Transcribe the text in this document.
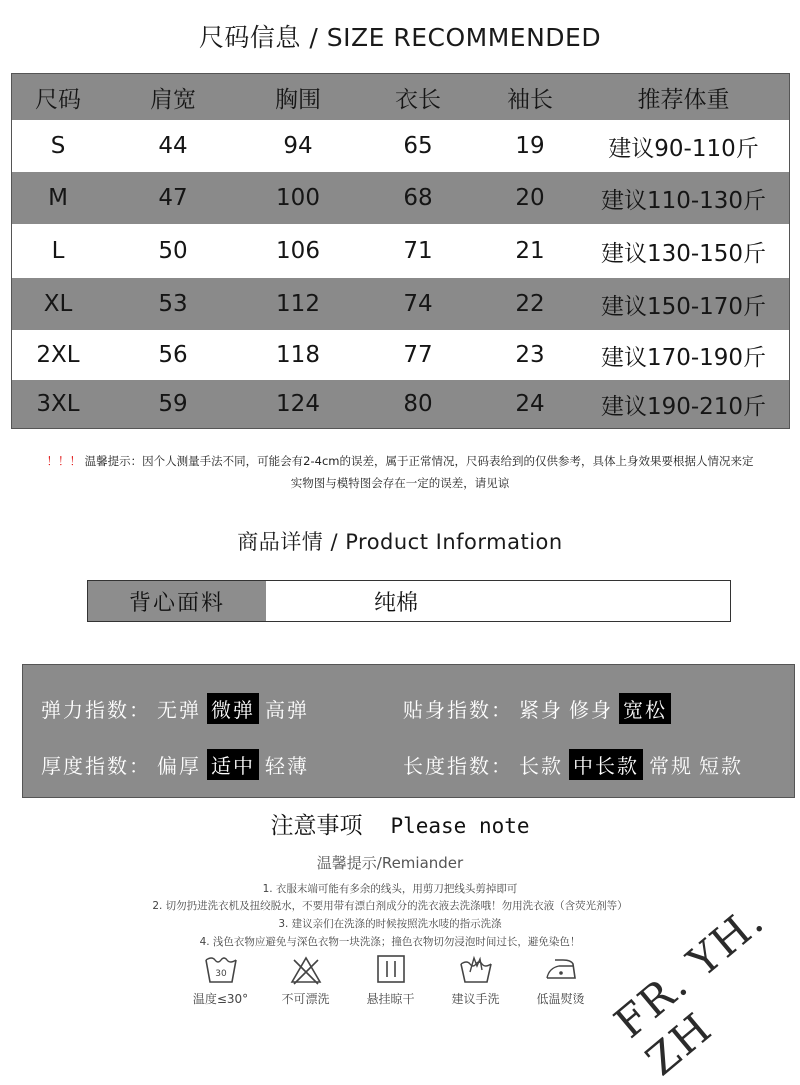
尺码信息 / SIZE RECOMMENDED
尺码	肩宽	胸围	衣长	袖长	推荐体重
S	44	94	65	19	建议90-110斤
M	47	100	68	20	建议110-130斤
L	50	106	71	21	建议130-150斤
XL	53	112	74	22	建议150-170斤
2XL	56	118	77	23	建议170-190斤
3XL	59	124	80	24	建议190-210斤
！！！ 温馨提示：因个人测量手法不同，可能会有2-4cm的误差，属于正常情况，尺码表给到的仅供参考，具体上身效果要根据人情况来定
实物图与模特图会存在一定的误差，请见谅
商品详情 / Product Information
背心面料	纯棉
弹力指数： 无弹 微弹 高弹	贴身指数： 紧身 修身 宽松
厚度指数： 偏厚 适中 轻薄	长度指数： 长款 中长款 常规 短款
注意事项 Please note
温馨提示/Remiander
1. 衣服末端可能有多余的线头，用剪刀把线头剪掉即可
2. 切勿扔进洗衣机及扭绞脱水，不要用带有漂白剂成分的洗衣液去洗涤哦！勿用洗衣液（含荧光剂等）
3. 建议亲们在洗涤的时候按照洗水唛的指示洗涤
4. 浅色衣物应避免与深色衣物一块洗涤；撞色衣物切勿浸泡时间过长，避免染色！
30
温度≤30°	不可漂洗	悬挂晾干	建议手洗	低温熨烫 FR. YH. ZH
